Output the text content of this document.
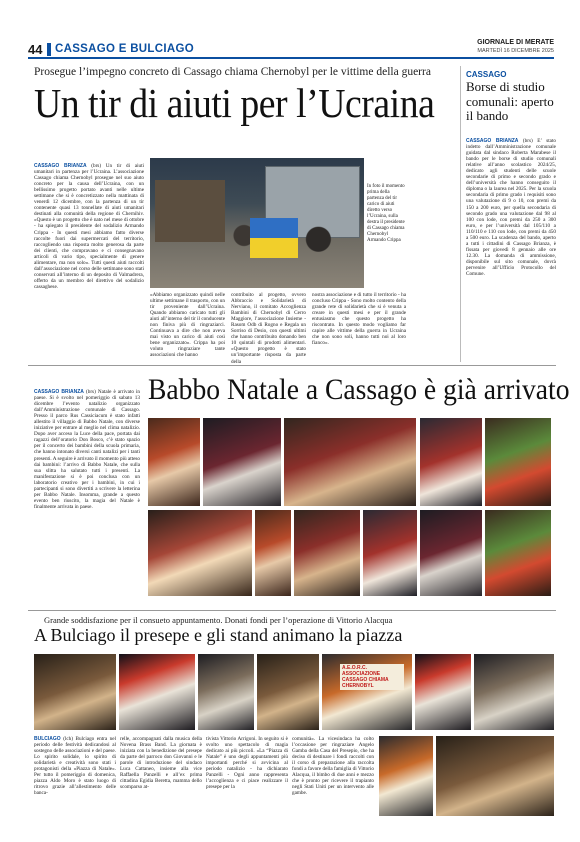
44 CASSAGO E BULCIAGO
GIORNALE DI MERATE
MARTEDÌ 16 DICEMBRE 2025
Prosegue l’impegno concreto di Cassago chiama Chernobyl per le vittime della guerra
Un tir di aiuti per l’Ucraina
CASSAGO BRIANZA (brs) Un tir di aiuti umanitari in partenza per l’Ucraina. L’associazione Cassago chiama Chernobyl prosegue nel suo aiuto concreto per la causa dell’Ucraina, con un bellissimo progetto portato avanti nelle ultime settimane che si è concretizzato nella mattinata di venerdì 12 dicembre, con la partenza di un tir contenente quasi 13 tonnellate di aiuti umanitari destinati alla comunità della regione di Chernihiv. «Questo è un progetto che è nato nel mese di ottobre - ha spiegato il presidente del sodalizio Armando Crippa - In questi mesi abbiamo fatto diverse raccolte fuori dai supermercati del territorio, raccogliendo una risposta molto generosa da parte dei clienti, che compravano e ci consegnavano articoli di vario tipo, specialmente di genere alimentare, ma non solo». Tutti questi aiuti raccolti dall’associazione nel corso delle settimane sono stati conservati all’interno di un deposito di Valmadrera, offerto da un membro del direttivo del sodalizio cassaghese.
In foto il momento prima della partenza del tir carico di aiuti diretto verso l’Ucraina, sulla destra il presidente di Cassago chiama Chernobyl Armando Crippa
«Abbiamo organizzato quindi nelle ultime settimane il trasporto, con un tir proveniente dall’Ucraina. Quando abbiamo caricato tutti gli aiuti all’interno del tir il conducente non finiva più di ringraziarci. Continuava a dire che non aveva mai visto un carico di aiuti così bene organizzato». Crippa ha poi voluto ringraziare tante associazioni che hanno
contribuito al progetto, ovvero Abbraccio e Solidarietà di Nerviano, il comitato Accoglienza Bambini di Chernobyl di Cerro Maggiore, l’associazione Insieme - Rasom Odb di Rogno e Regala un Sorriso di Desio, con questi ultimi che hanno contribuito donando ben 10 quintali di prodotti alimentari. «Questo progetto è stato un’importante risposta da parte della
nostra associazione e di tutto il territorio - ha concluso Crippa - Sono molto contento della grande rete di solidarietà che si è venuta a creare in questi mesi e per il grande entusiasmo che questo progetto ha riscontrato. In questo modo vogliamo far capire alle vittime della guerra in Ucraina che non sono soli, hanno tutti noi al loro fianco».
CASSAGO
Borse di studio comunali: aperto il bando
CASSAGO BRIANZA (brs) E’ stato indetto dall’Amministrazione comunale guidata dal sindaco Roberta Marabese il bando per le borse di studio comunali relative all’anno scolastico 2024/25, dedicato agli studenti delle scuole secondarie di primo e secondo grado e dell’università che hanno conseguito il diploma o la laurea nel 2025. Per la scuola secondaria di primo grado i requisiti sono una valutazione di 9 o 10, con premi da 150 a 200 euro, per quella secondaria di secondo grado una valutazione dal 98 al 100 con lode, con premi da 250 a 300 euro, e per l’università dal 105/110 a 110/110 e 110 con lode, con premi da 450 a 500 euro. La scadenza del bando, aperto a tutti i cittadini di Cassago Brianza, è fissata per giovedì 8 gennaio alle ore 12.30. La domanda di ammissione, disponibile sul sito comunale, dovrà pervenire all’Ufficio Protocollo del Comune.
CASSAGO BRIANZA (brs) Natale è arrivato in paese. Si è svolto nel pomeriggio di sabato 13 dicembre l’evento natalizio organizzato dall’Amministrazione comunale di Cassago. Presso il parco Rus Cassiciacum è stato infatti allestito il villaggio di Babbo Natale, con diverse iniziative per entrare al meglio nel clima natalizio. Dopo aver acceso la Luce della pace, portata dai ragazzi dell’oratorio Don Bosco, c’è stato spazio per il concerto dei bambini della scuola primaria, che hanno intonato diversi canti natalizi per i tanti presenti. A seguire è arrivato il momento più atteso dai bambini: l’arrivo di Babbo Natale, che sulla sua slitta ha salutato tutti i presenti. La manifestazione si è poi conclusa con un laboratorio creativo per i bambini, in cui i partecipanti si sono divertiti a scrivere la letterina per Babbo Natale. Insomma, grande a questo evento ben riuscito, la magia del Natale è finalmente arrivata in paese.
Babbo Natale a Cassago è già arrivato
Grande soddisfazione per il consueto appuntamento. Donati fondi per l’operazione di Vittorio Alacqua
A Bulciago il presepe e gli stand animano la piazza
A.E.O.R.C. ASSOCIAZIONE CASSAGO CHIAMA CHERNOBYL
BULCIAGO (lch) Bulciago entra nel periodo delle festività dedicandosi al sostegno delle associazioni e del paese. Lo spirito solidale, lo spirito di solidarietà e creatività sono stati i protagonisti della «Piazza di Natale». Per tutto il pomeriggio di domenica, piazza Aldo Moro è stato luogo di ritrovo grazie all’allestimento delle banca-
relle, accompagnati dalla musica della Novena Brass Band. La giornata è iniziata con la benedizione del presepe da parte del parroco don Giovanni e le parole di introduzione del sindaco Luca Cattaneo, insieme alla vice Raffaella Panzelli e all’ex prima cittadina Egidia Beretta, mamma dello scomparso at-
tivista Vittorio Arrigoni. In seguito si è svolto uno spettacolo di magia dedicato ai più piccoli. «La “Piazza di Natale” è uno degli appuntamenti più importanti perché si avvicina al periodo natalizio - ha dichiarato Panzelli - Ogni anno rappresenta l’accoglienza e ci piace realizzare il presepe per la
comunità». La vicesindaca ha colto l’occasione per ringraziare Angelo Gamba della Casa del Presepio, che ha deciso di destinare i fondi raccolti con il corso di preparazione alla raccolta fondi a favore della famiglia di Vittorio Alacqua, il bimbo di due anni e mezzo che è pronto per ricevere il trapianto negli Stati Uniti per un intervento alle gambe.
